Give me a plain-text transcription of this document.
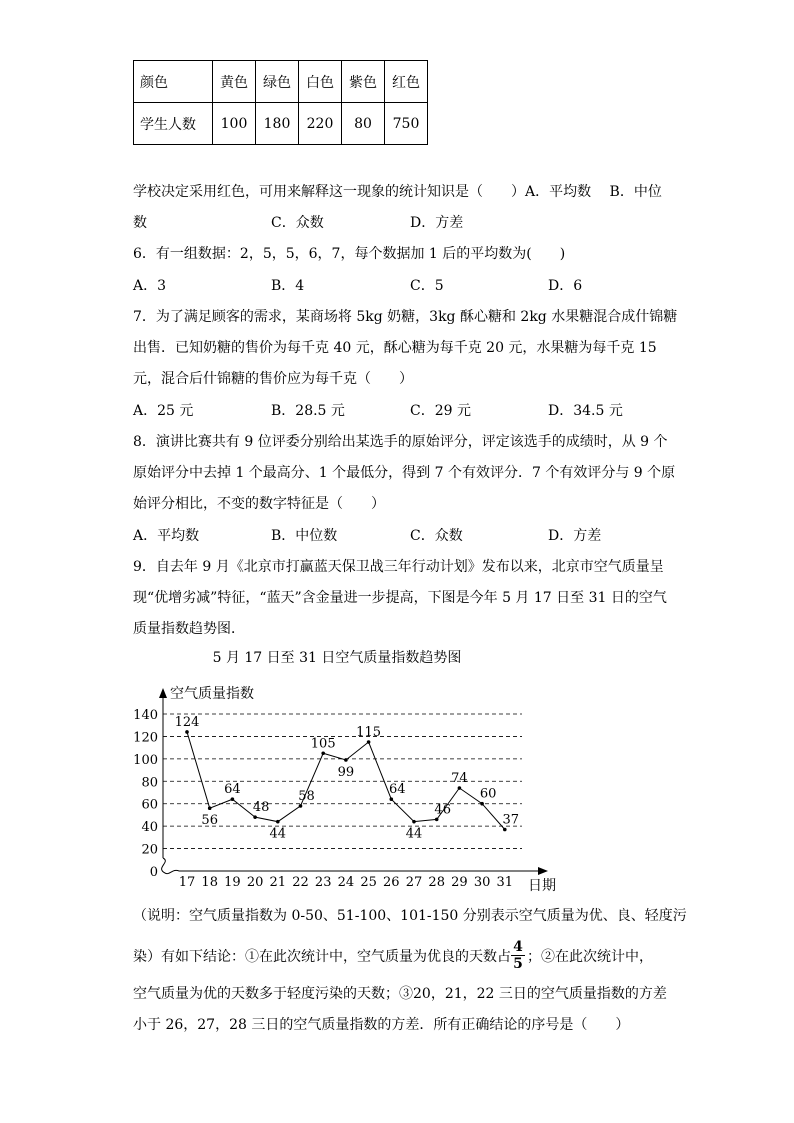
颜色	黄色	绿色	白色	紫色	红色
学生人数	100	180	220	80	750
学校决定采用红色，可用来解释这一现象的统计知识是（　　）A．平均数　 B．中位
数	C．众数	D．方差
6．有一组数据：2，5，5，6，7，每个数据加 1 后的平均数为(　　)
A．3	B．4	C．5	D．6
7．为了满足顾客的需求，某商场将 5kg 奶糖，3kg 酥心糖和 2kg 水果糖混合成什锦糖
出售．已知奶糖的售价为每千克 40 元，酥心糖为每千克 20 元，水果糖为每千克 15
元，混合后什锦糖的售价应为每千克（　　）
A．25 元	B．28.5 元	C．29 元	D．34.5 元
8．演讲比赛共有 9 位评委分别给出某选手的原始评分，评定该选手的成绩时，从 9 个
原始评分中去掉 1 个最高分、1 个最低分，得到 7 个有效评分．7 个有效评分与 9 个原
始评分相比，不变的数字特征是（　　）
A．平均数	B．中位数	C．众数	D．方差
9．自去年 9 月《北京市打赢蓝天保卫战三年行动计划》发布以来，北京市空气质量呈
现“优增劣减”特征，“蓝天”含金量进一步提高，下图是今年 5 月 17 日至 31 日的空气
质量指数趋势图．
5 月 17 日至 31 日空气质量指数趋势图
空气质量指数
日期
0
20
40
60
80
100
120
140
17 18 19 20 21 22 23 24 25 26 27 28 29 30 31
124
56
64
48
44
58
105
99
115
64
44
46
74
60
37
（说明：空气质量指数为 0-50、51-100、101-150 分别表示空气质量为优、良、轻度污
染）有如下结论：①在此次统计中，空气质量为优良的天数占
4
5 ；②在此次统计中，
空气质量为优的天数多于轻度污染的天数；③20，21，22 三日的空气质量指数的方差
小于 26，27，28 三日的空气质量指数的方差．所有正确结论的序号是（　　）
